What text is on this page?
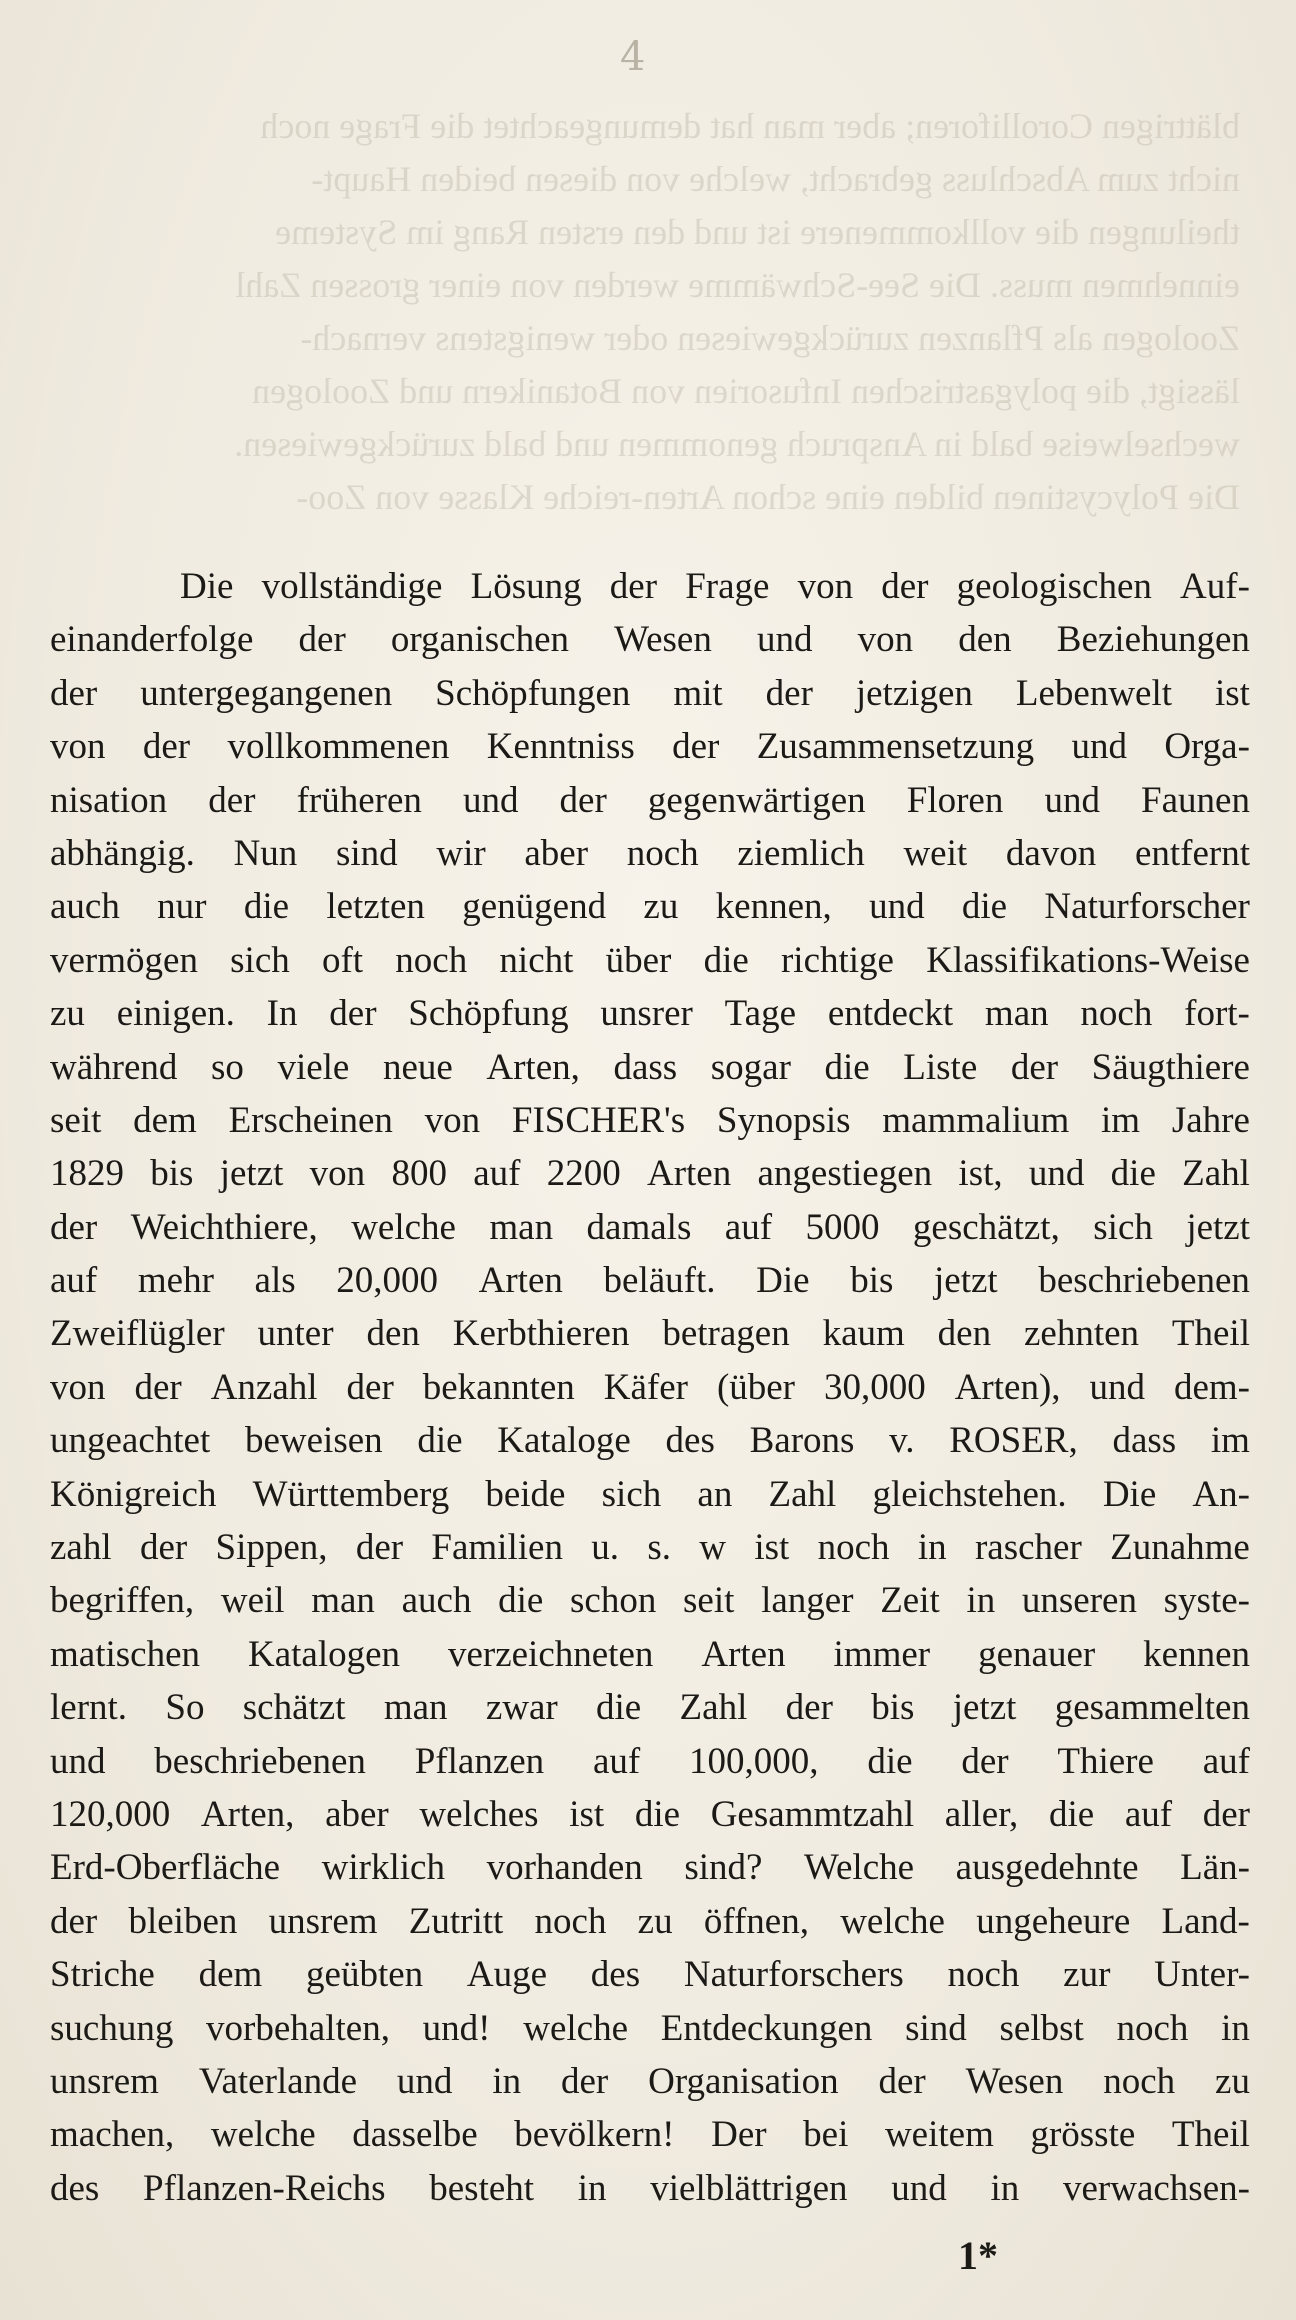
4

blättrigen Corolliforen; aber man hat demungeachtet die Frage noch

nicht zum Abschluss gebracht, welche von diesen beiden Haupt-

theilungen die vollkommenere ist und den ersten Rang im Systeme

einnehmen muss. Die See-Schwämme werden von einer grossen Zahl

Zoologen als Pflanzen zurückgewiesen oder wenigstens vernach-

lässigt, die polygastrischen Infusorien von Botanikern und Zoologen

wechselweise bald in Anspruch genommen und bald zurückgewiesen.

Die Polycystinen bilden eine schon Arten-reiche Klasse von Zoo-

Die vollständige Lösung der Frage von der geologischen Auf-
einanderfolge der organischen Wesen und von den Beziehungen
der untergegangenen Schöpfungen mit der jetzigen Lebenwelt ist
von der vollkommenen Kenntniss der Zusammensetzung und Orga-
nisation der früheren und der gegenwärtigen Floren und Faunen
abhängig. Nun sind wir aber noch ziemlich weit davon entfernt
auch nur die letzten genügend zu kennen, und die Naturforscher
vermögen sich oft noch nicht über die richtige Klassifikations-Weise
zu einigen. In der Schöpfung unsrer Tage entdeckt man noch fort-
während so viele neue Arten, dass sogar die Liste der Säugthiere
seit dem Erscheinen von FISCHER's Synopsis mammalium im Jahre
1829 bis jetzt von 800 auf 2200 Arten angestiegen ist, und die Zahl
der Weichthiere, welche man damals auf 5000 geschätzt, sich jetzt
auf mehr als 20,000 Arten beläuft. Die bis jetzt beschriebenen
Zweiflügler unter den Kerbthieren betragen kaum den zehnten Theil
von der Anzahl der bekannten Käfer (über 30,000 Arten), und dem-
ungeachtet beweisen die Kataloge des Barons v. ROSER, dass im
Königreich Württemberg beide sich an Zahl gleichstehen. Die An-
zahl der Sippen, der Familien u. s. w ist noch in rascher Zunahme
begriffen, weil man auch die schon seit langer Zeit in unseren syste-
matischen Katalogen verzeichneten Arten immer genauer kennen
lernt. So schätzt man zwar die Zahl der bis jetzt gesammelten
und beschriebenen Pflanzen auf 100,000, die der Thiere auf
120,000 Arten, aber welches ist die Gesammtzahl aller, die auf der
Erd-Oberfläche wirklich vorhanden sind? Welche ausgedehnte Län-
der bleiben unsrem Zutritt noch zu öffnen, welche ungeheure Land-
Striche dem geübten Auge des Naturforschers noch zur Unter-
suchung vorbehalten, und! welche Entdeckungen sind selbst noch in
unsrem Vaterlande und in der Organisation der Wesen noch zu
machen, welche dasselbe bevölkern! Der bei weitem grösste Theil
des Pflanzen-Reichs besteht in vielblättrigen und in verwachsen-
1*
